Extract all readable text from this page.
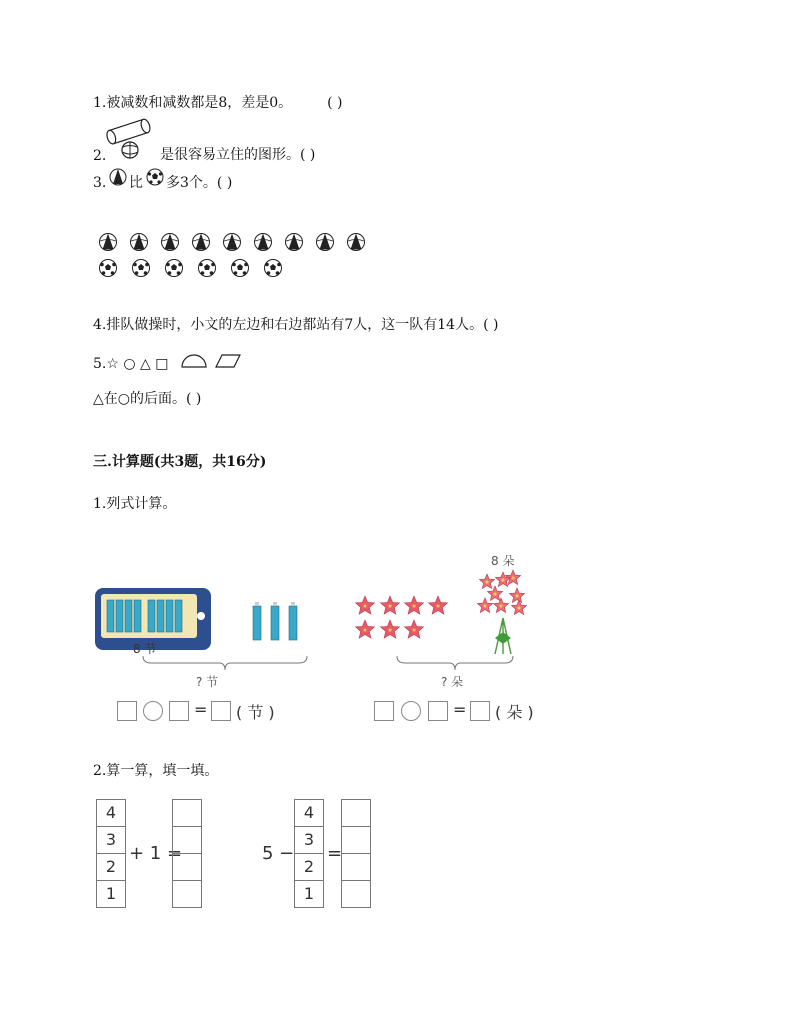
1.被减数和减数都是8，差是0。 ( )
2.	是很容易立住的图形。( )
3. 比 多3个。( )
4.排队做操时，小文的左边和右边都站有7人，这一队有14人。( )
5.☆ ○ △ □
△在○的后面。( )
三.计算题(共3题，共16分)
1.列式计算。
8 节
? 节
8 朵
? 朵
= ( 节 )	= ( 朵 )
2.算一算，填一填。
4
3
2
1
+ 1 =	5 −
4
3
2
1
=
